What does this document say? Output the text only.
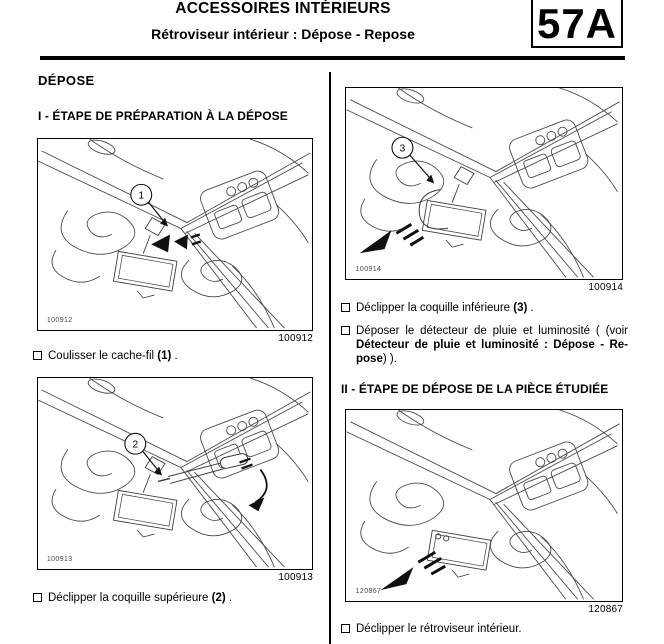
ACCESSOIRES INTÉRIEURS
Rétroviseur intérieur : Dépose - Repose	57A
DÉPOSE
I - ÉTAPE DE PRÉPARATION À LA DÉPOSE
1
100912
100912
Coulisser le cache-fil (1) .
2
100913
100913
Déclipper la coquille supérieure (2) .
3
100914
100914
Déclipper la coquille inférieure (3) .
Déposer le détecteur de pluie et luminosité ( (voir Détecteur de pluie et luminosité : Dépose - Repose) ).
II - ÉTAPE DE DÉPOSE DE LA PIÈCE ÉTUDIÉE
120867
120867
Déclipper le rétroviseur intérieur.
